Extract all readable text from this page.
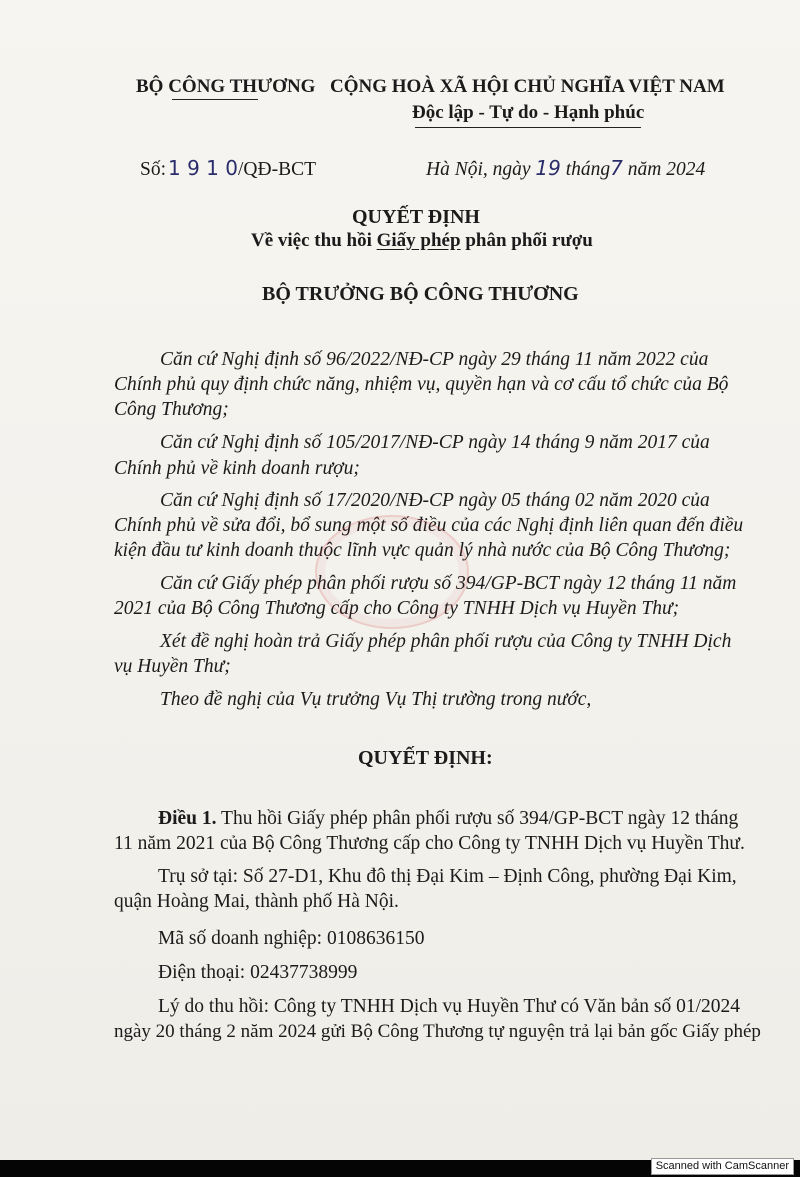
BỘ CÔNG THƯƠNG CỘNG HOÀ XÃ HỘI CHỦ NGHĨA VIỆT NAM
Độc lập - Tự do - Hạnh phúc
Số: 1 9 1 0/QĐ-BCT	Hà Nội, ngày 19 tháng7 năm 2024
QUYẾT ĐỊNH
Về việc thu hồi Giấy phép phân phối rượu
BỘ TRƯỞNG BỘ CÔNG THƯƠNG
Căn cứ Nghị định số 96/2022/NĐ-CP ngày 29 tháng 11 năm 2022 của
Chính phủ quy định chức năng, nhiệm vụ, quyền hạn và cơ cấu tổ chức của Bộ
Công Thương;
Căn cứ Nghị định số 105/2017/NĐ-CP ngày 14 tháng 9 năm 2017 của
Chính phủ về kinh doanh rượu;
Căn cứ Nghị định số 17/2020/NĐ-CP ngày 05 tháng 02 năm 2020 của
Chính phủ về sửa đổi, bổ sung một số điều của các Nghị định liên quan đến điều
kiện đầu tư kinh doanh thuộc lĩnh vực quản lý nhà nước của Bộ Công Thương;
Căn cứ Giấy phép phân phối rượu số 394/GP-BCT ngày 12 tháng 11 năm
2021 của Bộ Công Thương cấp cho Công ty TNHH Dịch vụ Huyền Thư;
Xét đề nghị hoàn trả Giấy phép phân phối rượu của Công ty TNHH Dịch
vụ Huyền Thư;
Theo đề nghị của Vụ trưởng Vụ Thị trường trong nước,
QUYẾT ĐỊNH:
Điều 1. Thu hồi Giấy phép phân phối rượu số 394/GP-BCT ngày 12 tháng
11 năm 2021 của Bộ Công Thương cấp cho Công ty TNHH Dịch vụ Huyền Thư.
Trụ sở tại: Số 27-D1, Khu đô thị Đại Kim – Định Công, phường Đại Kim,
quận Hoàng Mai, thành phố Hà Nội.
Mã số doanh nghiệp: 0108636150
Điện thoại: 02437738999
Lý do thu hồi: Công ty TNHH Dịch vụ Huyền Thư có Văn bản số 01/2024
ngày 20 tháng 2 năm 2024 gửi Bộ Công Thương tự nguyện trả lại bản gốc Giấy phép
Scanned with CamScanner
